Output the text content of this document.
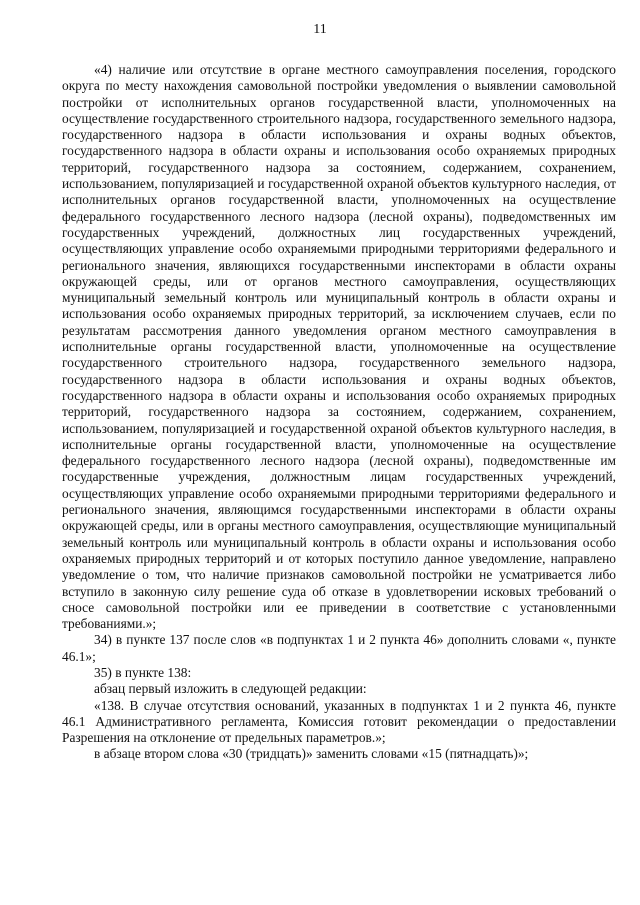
11

«4) наличие или отсутствие в органе местного самоуправления поселения, городского округа по месту нахождения самовольной постройки уведомления о выявлении самовольной постройки от исполнительных органов государственной власти, уполномоченных на осуществление государственного строительного надзора, государственного земельного надзора, государственного надзора в области использования и охраны водных объектов, государственного надзора в области охраны и использования особо охраняемых природных территорий, государственного надзора за состоянием, содержанием, сохранением, использованием, популяризацией и государственной охраной объектов культурного наследия, от исполнительных органов государственной власти, уполномоченных на осуществление федерального государственного лесного надзора (лесной охраны), подведомственных им государственных учреждений, должностных лиц государственных учреждений, осуществляющих управление особо охраняемыми природными территориями федерального и регионального значения, являющихся государственными инспекторами в области охраны окружающей среды, или от органов местного самоуправления, осуществляющих муниципальный земельный контроль или муниципальный контроль в области охраны и использования особо охраняемых природных территорий, за исключением случаев, если по результатам рассмотрения данного уведомления органом местного самоуправления в исполнительные органы государственной власти, уполномоченные на осуществление государственного строительного надзора, государственного земельного надзора, государственного надзора в области использования и охраны водных объектов, государственного надзора в области охраны и использования особо охраняемых природных территорий, государственного надзора за состоянием, содержанием, сохранением, использованием, популяризацией и государственной охраной объектов культурного наследия, в исполнительные органы государственной власти, уполномоченные на осуществление федерального государственного лесного надзора (лесной охраны), подведомственные им государственные учреждения, должностным лицам государственных учреждений, осуществляющих управление особо охраняемыми природными территориями федерального и регионального значения, являющимся государственными инспекторами в области охраны окружающей среды, или в органы местного самоуправления, осуществляющие муниципальный земельный контроль или муниципальный контроль в области охраны и использования особо охраняемых природных территорий и от которых поступило данное уведомление, направлено уведомление о том, что наличие признаков самовольной постройки не усматривается либо вступило в законную силу решение суда об отказе в удовлетворении исковых требований о сносе самовольной постройки или ее приведении в соответствие с установленными требованиями.»;

34) в пункте 137 после слов «в подпунктах 1 и 2 пункта 46» дополнить словами «, пункте 46.1»;

35) в пункте 138:

абзац первый изложить в следующей редакции:

«138. В случае отсутствия оснований, указанных в подпунктах 1 и 2 пункта 46, пункте 46.1 Административного регламента, Комиссия готовит рекомендации о предоставлении Разрешения на отклонение от предельных параметров.»;

в абзаце втором слова «30 (тридцать)» заменить словами «15 (пятнадцать)»;
